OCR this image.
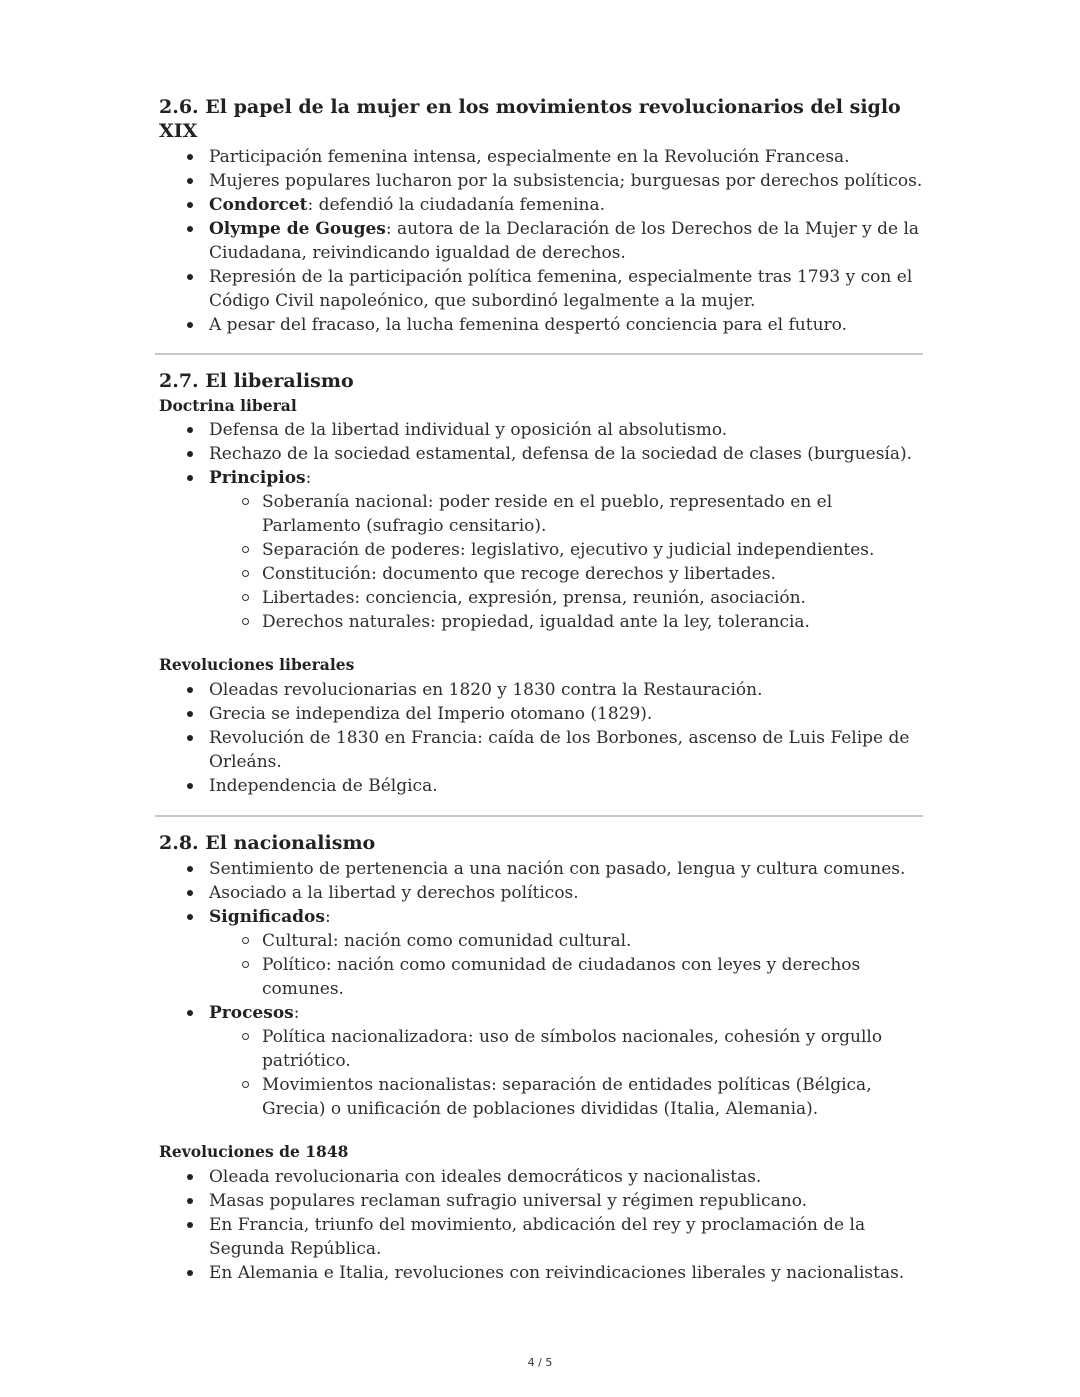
2.6. El papel de la mujer en los movimientos revolucionarios del siglo XIX
Participación femenina intensa, especialmente en la Revolución Francesa.
Mujeres populares lucharon por la subsistencia; burguesas por derechos políticos.
Condorcet: defendió la ciudadanía femenina.
Olympe de Gouges: autora de la Declaración de los Derechos de la Mujer y de la Ciudadana, reivindicando igualdad de derechos.
Represión de la participación política femenina, especialmente tras 1793 y con el Código Civil napoleónico, que subordinó legalmente a la mujer.
A pesar del fracaso, la lucha femenina despertó conciencia para el futuro.
2.7. El liberalismo
Doctrina liberal
Defensa de la libertad individual y oposición al absolutismo.
Rechazo de la sociedad estamental, defensa de la sociedad de clases (burguesía).
Principios:
Soberanía nacional: poder reside en el pueblo, representado en el Parlamento (sufragio censitario).
Separación de poderes: legislativo, ejecutivo y judicial independientes.
Constitución: documento que recoge derechos y libertades.
Libertades: conciencia, expresión, prensa, reunión, asociación.
Derechos naturales: propiedad, igualdad ante la ley, tolerancia.
Revoluciones liberales
Oleadas revolucionarias en 1820 y 1830 contra la Restauración.
Grecia se independiza del Imperio otomano (1829).
Revolución de 1830 en Francia: caída de los Borbones, ascenso de Luis Felipe de Orleáns.
Independencia de Bélgica.
2.8. El nacionalismo
Sentimiento de pertenencia a una nación con pasado, lengua y cultura comunes.
Asociado a la libertad y derechos políticos.
Significados:
Cultural: nación como comunidad cultural.
Político: nación como comunidad de ciudadanos con leyes y derechos comunes.
Procesos:
Política nacionalizadora: uso de símbolos nacionales, cohesión y orgullo patriótico.
Movimientos nacionalistas: separación de entidades políticas (Bélgica, Grecia) o unificación de poblaciones divididas (Italia, Alemania).
Revoluciones de 1848
Oleada revolucionaria con ideales democráticos y nacionalistas.
Masas populares reclaman sufragio universal y régimen republicano.
En Francia, triunfo del movimiento, abdicación del rey y proclamación de la Segunda República.
En Alemania e Italia, revoluciones con reivindicaciones liberales y nacionalistas.
4 / 5
